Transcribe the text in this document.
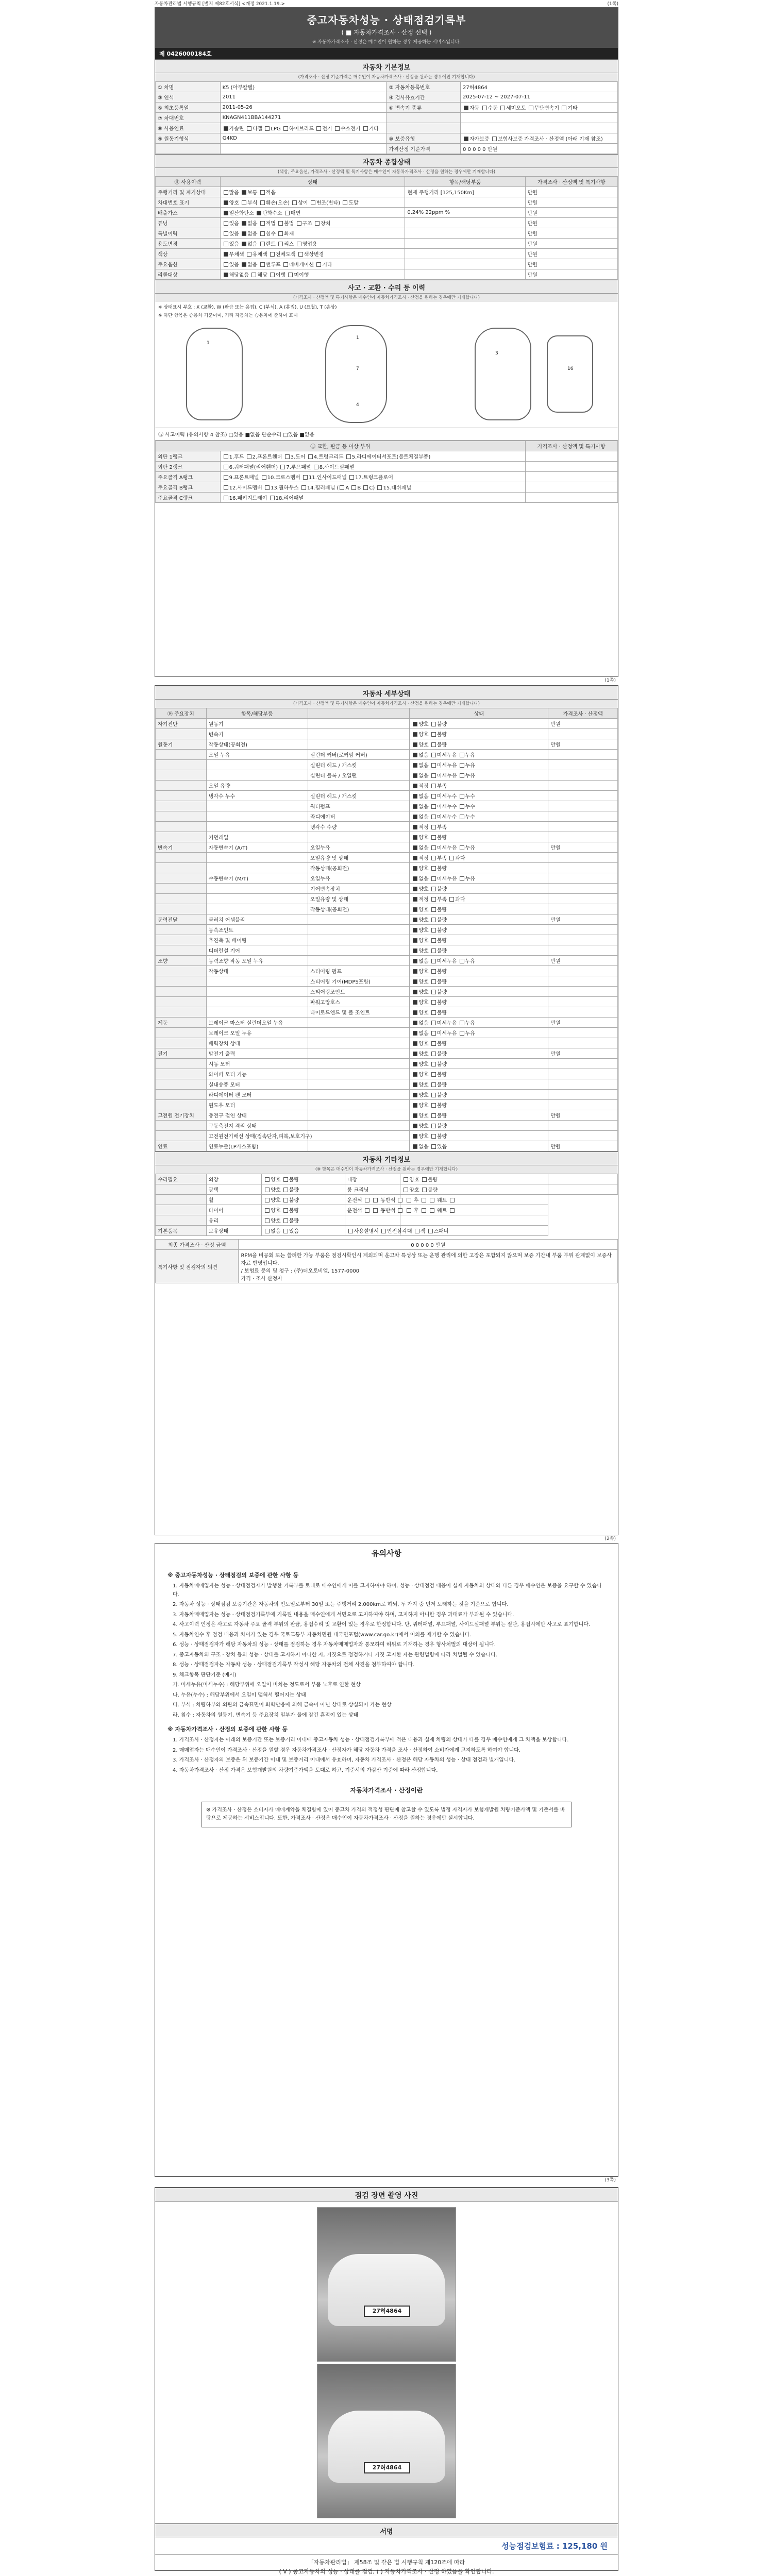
자동차관리법 시행규칙 [별지 제82호서식] <개정 2021.1.19.>	(1쪽)
중고자동차성능 · 상태점검기록부
( ■ 자동차가격조사 · 산정 선택 )
※ 자동차가격조사 · 산정은 매수인이 원하는 경우 제공하는 서비스입니다.
제 0426000184호
자동차 기본정보
(가격조사 · 산정 기준가격은 매수인이 자동차가격조사 · 산정을 원하는 경우에만 기재합니다)
① 차명	K5 (아부칼텔)	② 자동차등록번호	27허4864
③ 연식	2011	④ 검사유효기간	2025-07-12 ~ 2027-07-11
⑤ 최초등록일	2011-05-26	⑥ 변속기 종류	자동 수동 세미오토 무단변속기 기타
⑦ 차대번호	KNAGN411BBA144271		
⑧ 사용연료	가솔린 디젤 LPG 하이브리드 전기 수소전기 기타		
⑨ 원동기형식	G4KD	⑩ 보증유형	자가보증 보험사보증 가격조사 · 산정액 (아래 기재 참조)
		가격산정 기준가격	0 0 0 0 0 만원
자동차 종합상태
(색상, 주요옵션, 가격조사 · 산정액 및 특기사항은 매수인이 자동차가격조사 · 산정을 원하는 경우에만 기재합니다)
⑪ 사용이력	상태	항목/해당부품	가격조사 · 산정액 및 특기사항
주행거리 및 계기상태	많음 보통 적음	현재 주행거리 [125,150Km]	만원
차대번호 표기	양호 부식 훼손(오손) 상이 변조(변타) 도말		만원
배출가스	일산화탄소 탄화수소 매연	0.24% 22ppm %	만원
튜닝	있음 없음 적법 불법 구조 장치		만원
특별이력	있음 없음 침수 화재		만원
용도변경	있음 없음 렌트 리스 영업용		만원
색상	무채색 유채색 전체도색 색상변경		만원
주요옵션	있음 없음 썬루프 네비게이션 기타		만원
리콜대상	해당없음 해당 이행 미이행		만원
사고 · 교환 · 수리 등 이력
(가격조사 · 산정액 및 특기사항은 매수인이 자동차가격조사 · 산정을 원하는 경우에만 기재합니다)
※ 상태표시 부호 : X (교환), W (판금 또는 용접), C (부식), A (흠집), U (요철), T (손상)
※ 하단 항목은 승용차 기준이며, 기타 자동차는 승용차에 준하여 표시
1
1
7
4
3
16
⑫ 사고이력 (유의사항 4 참조) □있음 ■없음 단순수리 □있음 ■없음
⑬ 교환, 판금 등 이상 부위		가격조사 · 산정액 및 특기사항
외판 1랭크	1.후드 2.프론트휀더 3.도어 4.트렁크리드 5.라디에이터서포트(볼트체결부품)	
외판 2랭크	6.쿼터패널(리어휀더) 7.루프패널 8.사이드실패널	
주요골격 A랭크	9.프론트패널 10.크로스멤버 11.인사이드패널 17.트렁크플로어	
주요골격 B랭크	12.사이드멤버 13.휠하우스 14.필러패널 ( A B C) 15.대쉬패널	
주요골격 C랭크	16.패키지트레이 18.리어패널	
(1쪽)
자동차 세부상태
(가격조사 · 산정액 및 특기사항은 매수인이 자동차가격조사 · 산정을 원하는 경우에만 기재합니다)
⑭ 주요장치	항목/해당부품		상태	가격조사 · 산정액
자기진단	원동기		양호 불량	만원
	변속기		양호 불량	
원동기	작동상태(공회전)		양호 불량	만원
	오일 누유	실린더 커버(로커암 커버)	없음 미세누유 누유	
		실린더 헤드 / 개스킷	없음 미세누유 누유	
		실린더 블록 / 오일팬	없음 미세누유 누유	
	오일 유량		적정 부족	
	냉각수 누수	실린더 헤드 / 개스킷	없음 미세누수 누수	
		워터펌프	없음 미세누수 누수	
		라디에이터	없음 미세누수 누수	
		냉각수 수량	적정 부족	
	커먼레일		양호 불량	
변속기	자동변속기 (A/T)	오일누유	없음 미세누유 누유	만원
		오일유량 및 상태	적정 부족 과다	
		작동상태(공회전)	양호 불량	
	수동변속기 (M/T)	오일누유	없음 미세누유 누유	
		기어변속장치	양호 불량	
		오일유량 및 상태	적정 부족 과다	
		작동상태(공회전)	양호 불량	
동력전달	클러치 어셈블리		양호 불량	만원
	등속조인트		양호 불량	
	추진축 및 베어링		양호 불량	
	디퍼런셜 기어		양호 불량	
조향	동력조향 작동 오일 누유		없음 미세누유 누유	만원
	작동상태	스티어링 펌프	양호 불량	
		스티어링 기어(MDPS포함)	양호 불량	
		스티어링조인트	양호 불량	
		파워고압호스	양호 불량	
		타이로드엔드 및 볼 조인트	양호 불량	
제동	브레이크 마스터 실린더오일 누유		없음 미세누유 누유	만원
	브레이크 오일 누유		없음 미세누유 누유	
	배력장치 상태		양호 불량	
전기	발전기 출력		양호 불량	만원
	시동 모터		양호 불량	
	와이퍼 모터 기능		양호 불량	
	실내송풍 모터		양호 불량	
	라디에이터 팬 모터		양호 불량	
	윈도우 모터		양호 불량	
고전원 전기장치	충전구 절연 상태		양호 불량	만원
	구동축전지 격리 상태		양호 불량	
	고전원전기배선 상태(접속단자,피복,보호기구)		양호 불량	
연료	연료누출(LP가스포함)		없음 있음	만원
자동차 기타정보
(※ 항목은 매수인이 자동차가격조사 · 산정을 원하는 경우에만 기재합니다)
수리필요	외장	양호 불량	내장	양호 불량	
	광택	양호 불량	룸 크리닝	양호 불량	
	휠	양호 불량	운전석 동반석 후 웨트		
	타이어	양호 불량	운전석 동반석 후 웨트		
	유리	양호 불량			
기본품목	보유상태	없음 있음	사용설명서 안전삼각대 잭 스패너		
최종 가격조사 · 산정 금액	0 0 0 0 0 만원
특기사항 및 점검자의 의견	RPM을 비공회 또는 쓸려한 가능 부품은 점검시확인시 제외되며 운고차 특성상 또는 운행 관리에 의한 고장은 포함되지 않으며 보증 기간내 부품 부위 관계없이 보증사 자료 반영입니다.
/ 보험료 문의 및 청구 : (주)더오토비엘, 1577-0000
가격 · 조사 산정자
(2쪽)
유의사항
※ 중고자동차성능 · 상태점검의 보증에 관한 사항 등

1. 자동차매매업자는 성능 · 상태점검자가 발행한 기록부를 토대로 매수인에게 이를 고지하여야 하며, 성능 · 상태점검 내용이 실제 자동차의 상태와 다른 경우 매수인은 보증을 요구할 수 있습니다.

2. 자동차 성능 · 상태점검 보증기간은 자동차의 인도일로부터 30일 또는 주행거리 2,000km로 하되, 두 가지 중 먼저 도래하는 것을 기준으로 합니다.

3. 자동차매매업자는 성능 · 상태점검기록부에 기록된 내용을 매수인에게 서면으로 고지하여야 하며, 고지하지 아니한 경우 과태료가 부과될 수 있습니다.

4. 사고이력 인정은 사고로 자동차 주요 골격 부위의 판금, 용접수리 및 교환이 있는 경우로 한정합니다. 단, 쿼터패널, 루프패널, 사이드실패널 부위는 절단, 용접시에만 사고로 표기합니다.

5. 자동차인수 후 점검 내용과 차이가 있는 경우 국토교통부 자동차민원 대국민포털(www.car.go.kr)에서 이의를 제기할 수 있습니다.

6. 성능 · 상태점검자가 해당 자동차의 성능 · 상태를 점검하는 경우 자동차매매업자와 통모하여 허위로 기재하는 경우 형사처벌의 대상이 됩니다.

7. 중고자동차의 구조 · 장치 등의 성능 · 상태를 고지하지 아니한 자, 거짓으로 점검하거나 거짓 고지한 자는 관련법령에 따라 처벌될 수 있습니다.

8. 성능 · 상태점검자는 자동차 성능 · 상태점검기록부 작성시 해당 자동차의 전체 사진을 첨부하여야 합니다.

9. 체크항목 판단기준 (예시)

가. 미세누유(미세누수) : 해당부위에 오일이 비치는 정도로서 부품 노후로 인한 현상

나. 누유(누수) : 해당부위에서 오일이 맺혀서 떨어지는 상태

다. 부식 : 차량하부와 외판의 금속표면이 화학반응에 의해 금속이 아닌 상태로 상실되어 가는 현상

라. 침수 : 자동차의 원동기, 변속기 등 주요장치 일부가 물에 잠긴 흔적이 있는 상태

※ 자동차가격조사 · 산정의 보증에 관한 사항 등

1. 가격조사 · 산정자는 아래의 보증기간 또는 보증거리 이내에 중고자동차 성능 · 상태점검기록부에 적은 내용과 실제 차량의 상태가 다를 경우 매수인에게 그 차액을 보상합니다.

2. 매매업자는 매수인이 가격조사 · 산정을 원할 경우 자동차가격조사 · 산정자가 해당 자동차 가격을 조사 · 산정하여 소비자에게 고지하도록 하여야 합니다.

3. 가격조사 · 산정자의 보증은 위 보증기간 이내 및 보증거리 이내에서 유효하며, 자동차 가격조사 · 산정은 해당 자동차의 성능 · 상태 점검과 별개입니다.

4. 자동차가격조사 · 산정 가격은 보험개발원의 차량기준가액을 토대로 하고, 기준서의 가감산 기준에 따라 산정합니다.

자동차가격조사 · 산정이란
※ 가격조사 · 산정은 소비자가 매매계약을 체결함에 있어 중고차 가격의 적정성 판단에 참고할 수 있도록 법정 자격자가 보험개발원 차량기준가액 및 기준서를 바탕으로 제공하는 서비스입니다. 또한, 가격조사 · 산정은 매수인이 자동차가격조사 · 산정을 원하는 경우에만 실시합니다.
(3쪽)
점검 장면 촬영 사진
27허4864
27허4864
서명
성능점검보험료 : 125,180 원
「자동차관리법」 제58조 및 같은 법 시행규칙 제120조에 따라
( V ) 중고자동차의 성능 · 상태를 점검, ( ) 자동차가격조사 · 산정 하였음을 확인합니다.
